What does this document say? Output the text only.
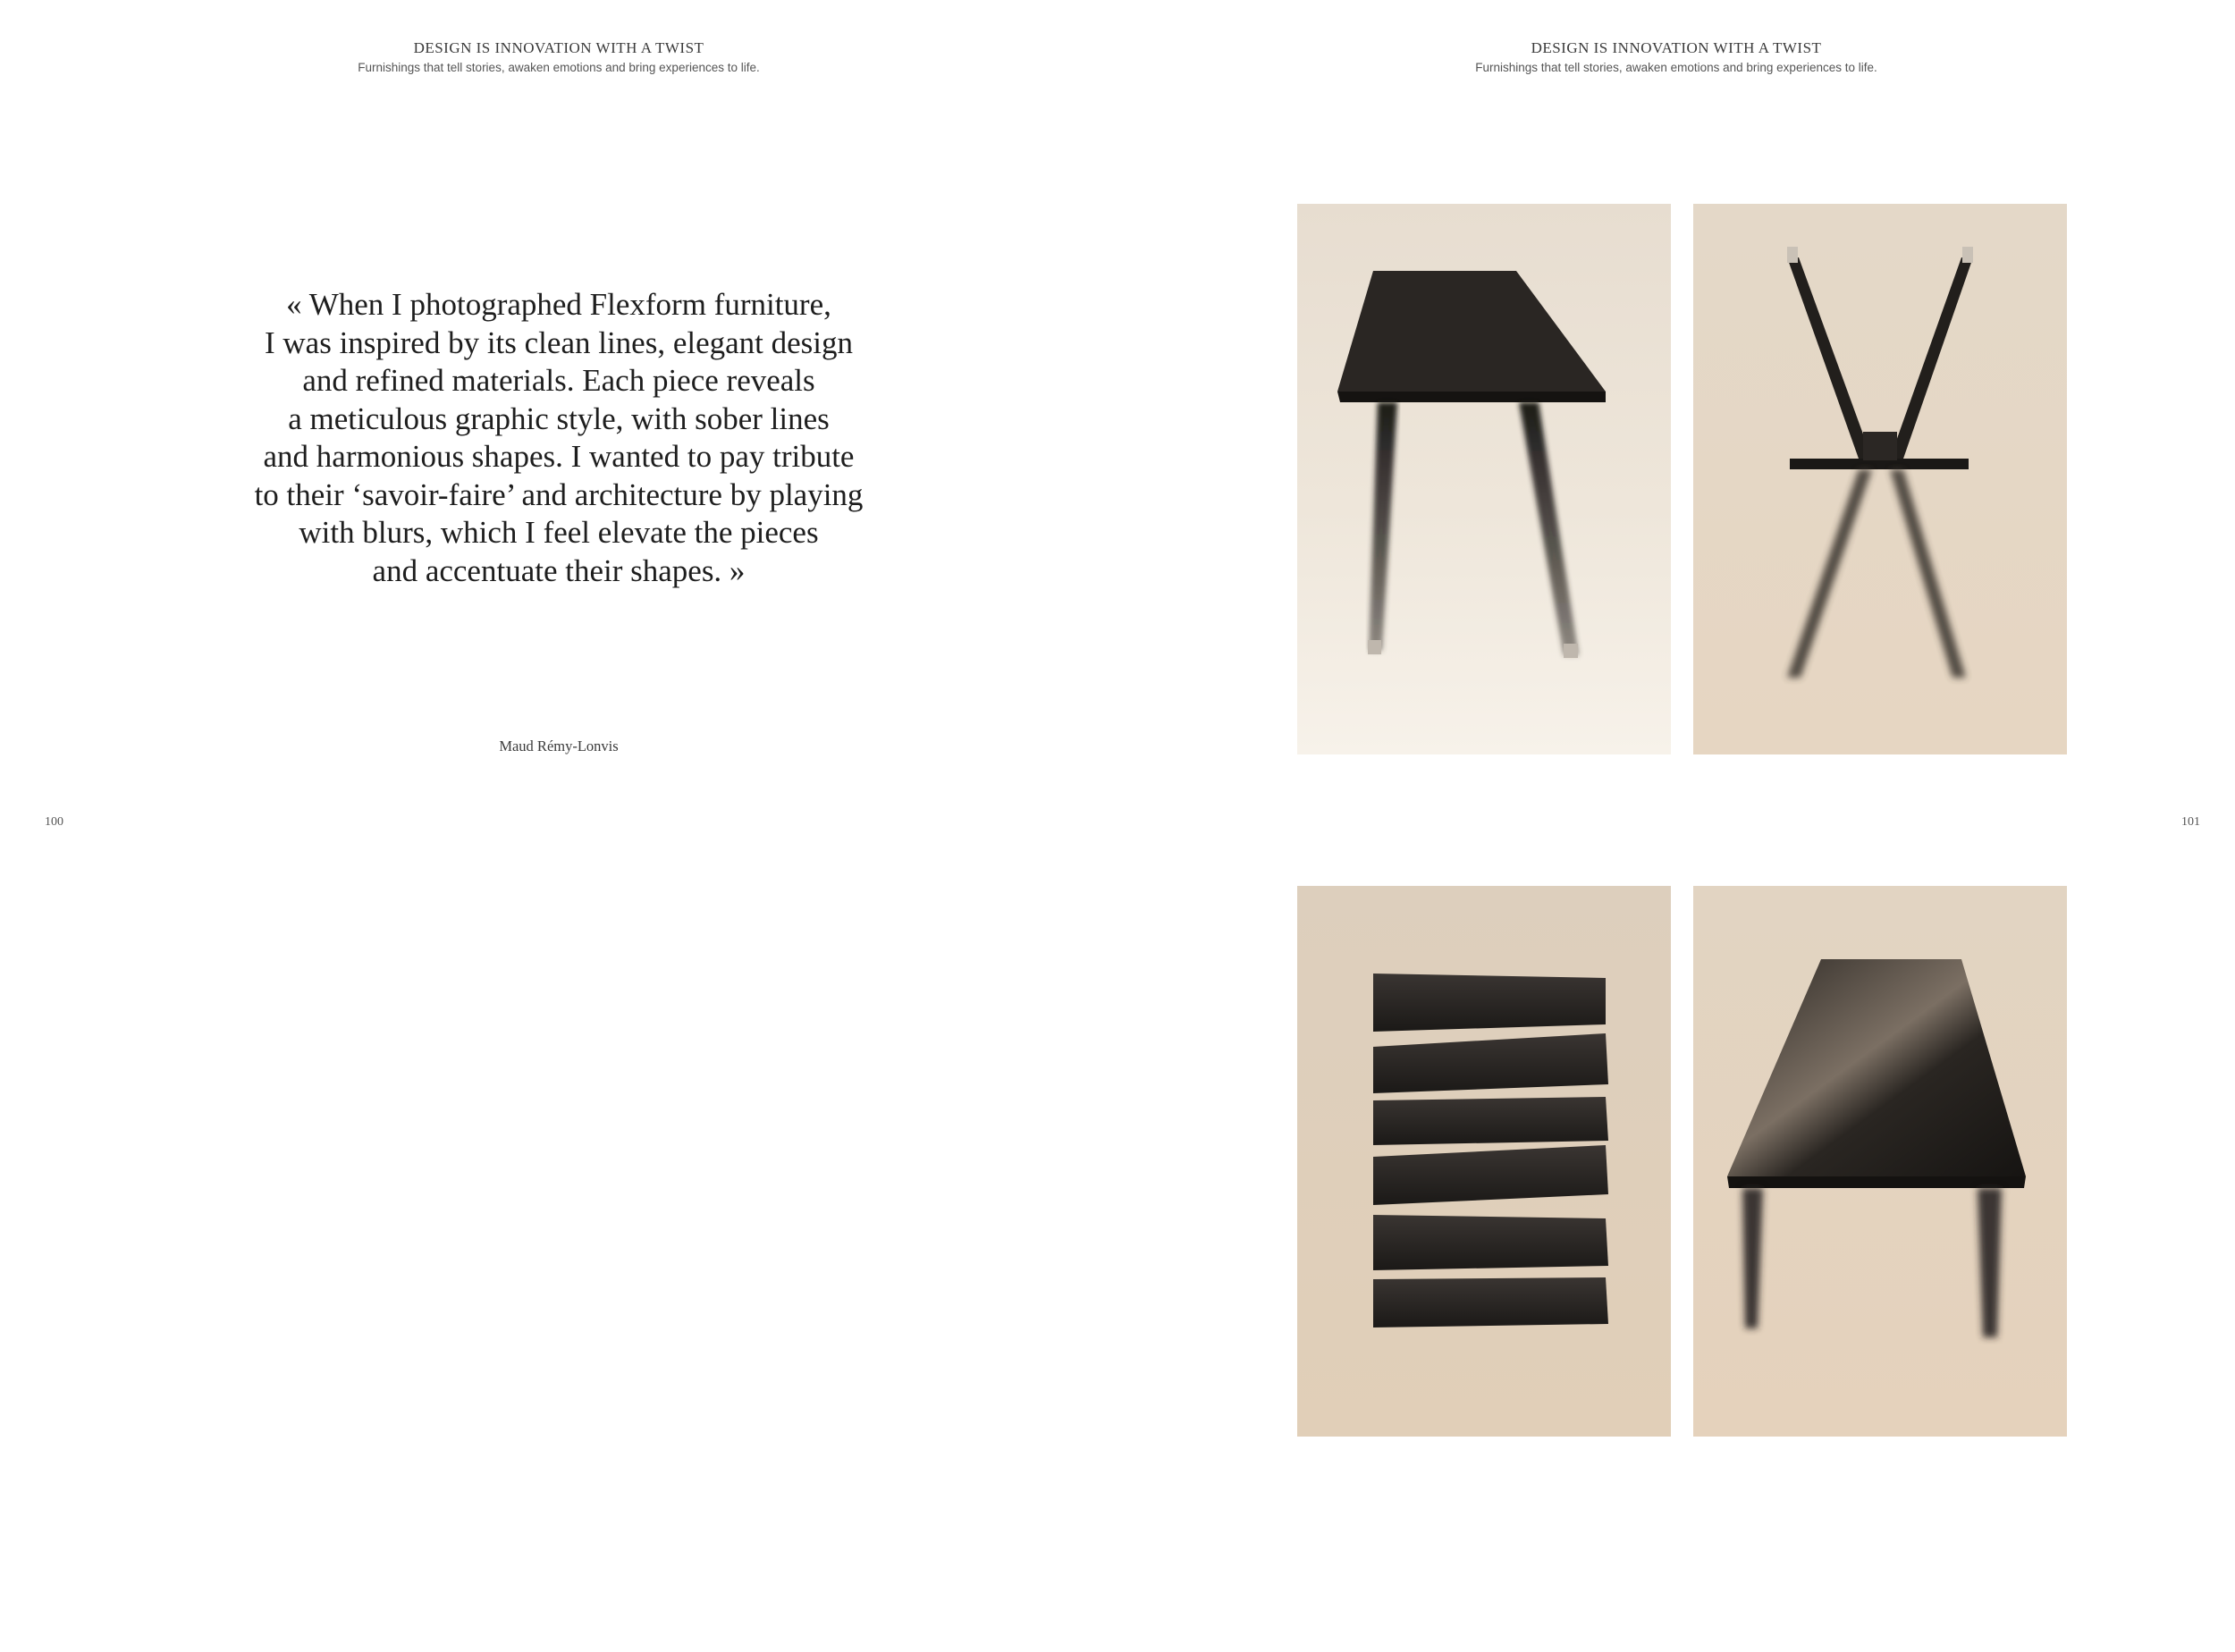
DESIGN IS INNOVATION WITH A TWIST
Furnishings that tell stories, awaken emotions and bring experiences to life.
« When I photographed Flexform furniture,
I was inspired by its clean lines, elegant design
and refined materials. Each piece reveals
a meticulous graphic style, with sober lines
and harmonious shapes. I wanted to pay tribute
to their ‘savoir-faire’ and architecture by playing
with blurs, which I feel elevate the pieces
and accentuate their shapes. »
Maud Rémy-Lonvis
100
DESIGN IS INNOVATION WITH A TWIST
Furnishings that tell stories, awaken emotions and bring experiences to life.
101
